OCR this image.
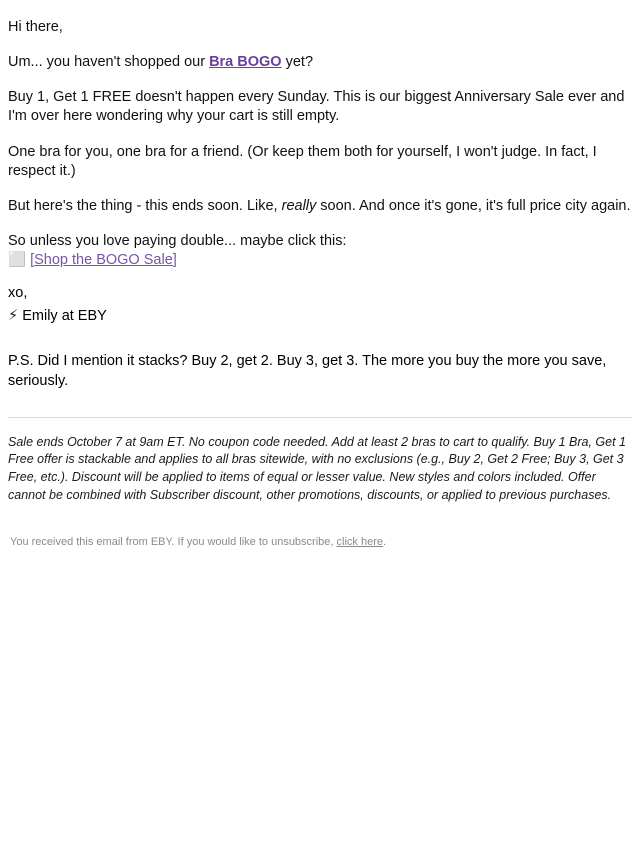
Hi there,

Um... you haven't shopped our Bra BOGO yet?

Buy 1, Get 1 FREE doesn't happen every Sunday. This is our biggest Anniversary Sale ever and I'm over here wondering why your cart is still empty.

One bra for you, one bra for a friend. (Or keep them both for yourself, I won't judge. In fact, I respect it.)

But here's the thing - this ends soon. Like, really soon. And once it's gone, it's full price city again.

So unless you love paying double... maybe click this:
⬜ [Shop the BOGO Sale]

xo,

⚡ Emily at EBY

P.S. Did I mention it stacks? Buy 2, get 2. Buy 3, get 3. The more you buy the more you save, seriously.

Sale ends October 7 at 9am ET. No coupon code needed. Add at least 2 bras to cart to qualify. Buy 1 Bra, Get 1 Free offer is stackable and applies to all bras sitewide, with no exclusions (e.g., Buy 2, Get 2 Free; Buy 3, Get 3 Free, etc.). Discount will be applied to items of equal or lesser value. New styles and colors included. Offer cannot be combined with Subscriber discount, other promotions, discounts, or applied to previous purchases.

You received this email from EBY. If you would like to unsubscribe, click here.
